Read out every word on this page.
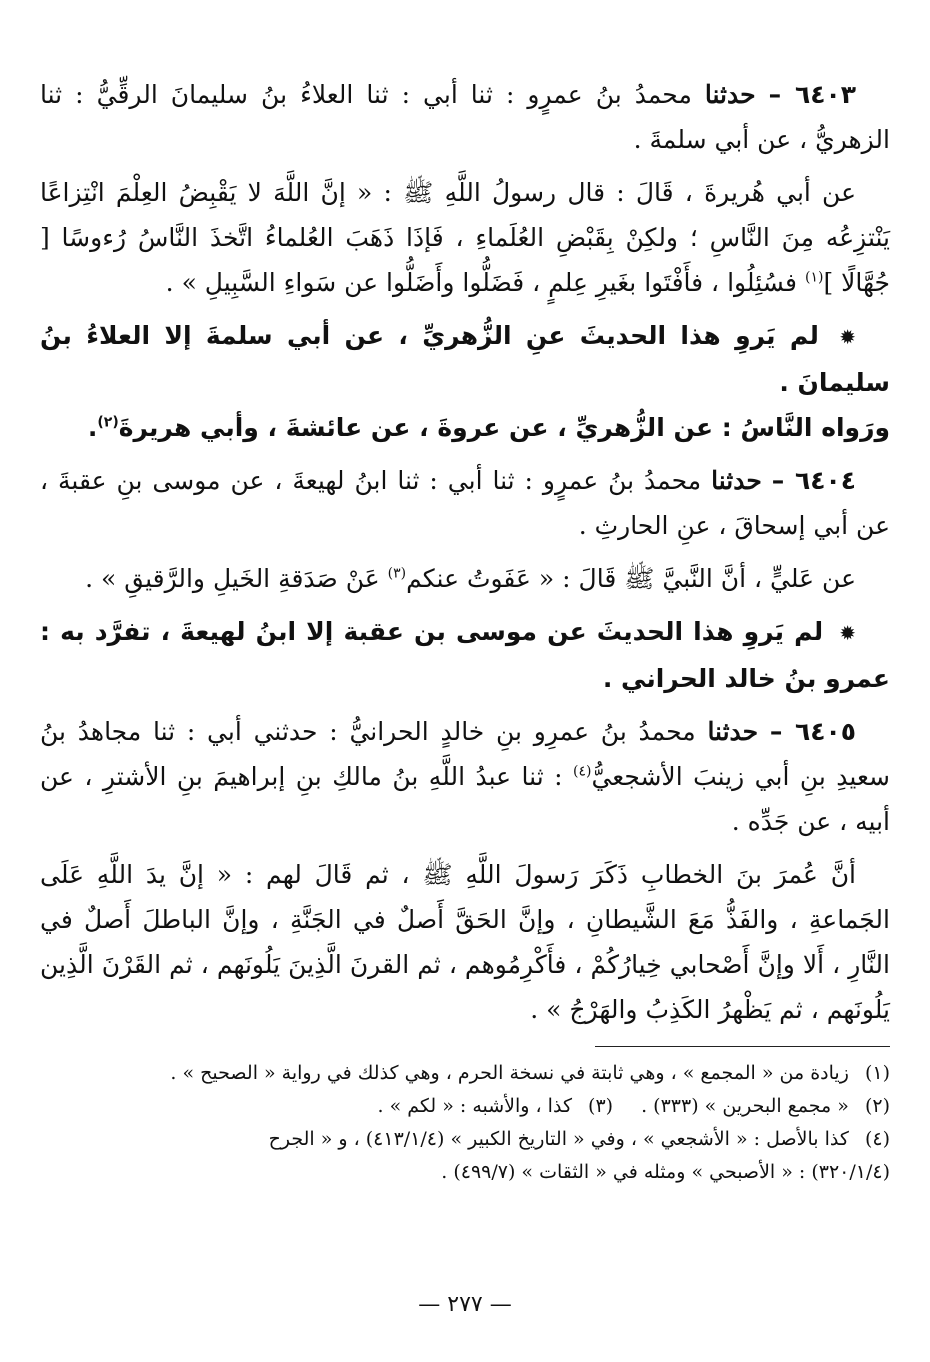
٦٤٠٣ – حدثنا محمدُ بنُ عمرٍو : ثنا أبي : ثنا العلاءُ بنُ سليمانَ الرقِّيُّ : ثنا الزهريُّ ، عن أبي سلمةَ .

عن أبي هُريرةَ ، قَالَ : قال رسولُ اللَّهِ ﷺ : « إنَّ اللَّهَ لا يَقْبِضُ العِلْمَ انْتِزاعًا يَنْتزِعُه مِنَ النَّاسِ ؛ ولكِنْ بِقَبْضِ العُلَماءِ ، فَإذَا ذَهَبَ العُلماءُ اتَّخذَ النَّاسُ رُءوسًا [ جُهَّالًا ]$^{(١)}$ فسُئِلُوا ، فأَفْتَوا بغَيرِ عِلمٍ ، فَضَلُّوا وأَضَلُّوا عن سَواءِ السَّبِيلِ » .

✹ لم يَروِ هذا الحديثَ عنِ الزُّهريِّ ، عن أبي سلمةَ إلا العلاءُ بنُ سليمانَ .
ورَواه النَّاسُ : عن الزُّهريِّ ، عن عروةَ ، عن عائشةَ ، وأبي هريرةَ$^{(٢)}$.

٦٤٠٤ – حدثنا محمدُ بنُ عمرٍو : ثنا أبي : ثنا ابنُ لهيعةَ ، عن موسى بنِ عقبةَ ، عن أبي إسحاقَ ، عنِ الحارثِ .

عن عَليٍّ ، أنَّ النَّبيَّ ﷺ قَالَ : « عَفَوتُ عنكم$^{(٣)}$ عَنْ صَدَقةِ الخَيلِ والرَّقيقِ » .

✹ لم يَروِ هذا الحديثَ عن موسى بن عقبة إلا ابنُ لهيعةَ ، تفرَّد به : عمرو بنُ خالد الحراني .

٦٤٠٥ – حدثنا محمدُ بنُ عمرِو بنِ خالدٍ الحرانيُّ : حدثني أبي : ثنا مجاهدُ بنُ سعيدِ بنِ أبي زينبَ الأشجعيُّ$^{(٤)}$ : ثنا عبدُ اللَّهِ بنُ مالكِ بنِ إبراهيمَ بنِ الأشترِ ، عن أبيه ، عن جَدِّه .

أنَّ عُمرَ بنَ الخطابِ ذَكَرَ رَسولَ اللَّهِ ﷺ ، ثم قَالَ لهم : « إنَّ يدَ اللَّهِ عَلَى الجَماعةِ ، والفَذُّ مَعَ الشَّيطانِ ، وإنَّ الحَقَّ أَصلٌ في الجَنَّةِ ، وإنَّ الباطلَ أَصلٌ في النَّارِ ، أَلا وإنَّ أَصْحابي خِيارُكُمْ ، فأَكْرِمُوهم ، ثم القرنَ الَّذِينَ يَلُونَهم ، ثم القَرْنَ الَّذِين يَلُونَهم ، ثم يَظْهرُ الكَذِبُ والهَرْجُ » .

(١) زيادة من « المجمع » ، وهي ثابتة في نسخة الحرم ، وهي كذلك في رواية « الصحيح » .

(٢) « مجمع البحرين » (٣٣٣) .
(٣) كذا ، والأشبه : « لكم » .

(٤) كذا بالأصل : « الأشجعي » ، وفي « التاريخ الكبير » (٤١٣/١/٤) ، و « الجرح

(٣٢٠/١/٤) : « الأصبحي » ومثله في « الثقات » (٤٩٩/٧) .

— ٢٧٧ —
